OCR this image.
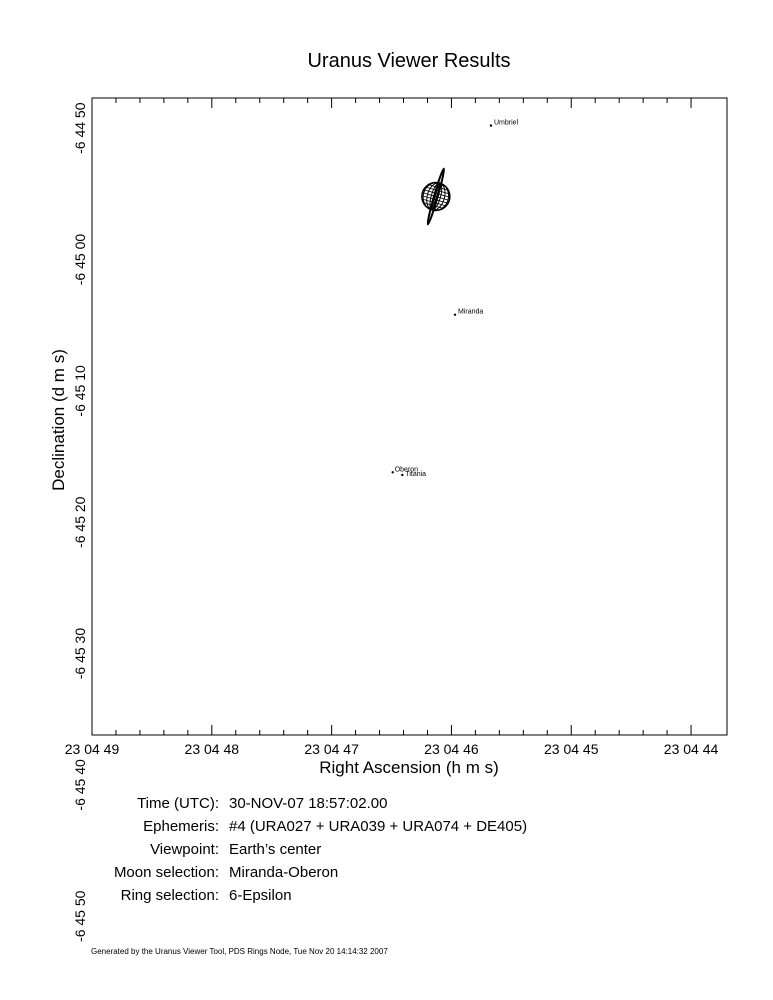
Uranus Viewer Results
23 04 49	23 04 48	23 04 47	23 04 46	23 04 45	23 04 44
-6 44 50
-6 45 00
-6 45 10
-6 45 20
-6 45 30
-6 45 40
-6 45 50
Right Ascension (h m s)
Declination (d m s)
Umbriel
Miranda
Oberon
Titania
Time (UTC): 30-NOV-07 18:57:02.00
Ephemeris: #4 (URA027 + URA039 + URA074 + DE405)
Viewpoint: Earth’s center
Moon selection: Miranda-Oberon
Ring selection: 6-Epsilon
Generated by the Uranus Viewer Tool, PDS Rings Node, Tue Nov 20 14:14:32 2007
